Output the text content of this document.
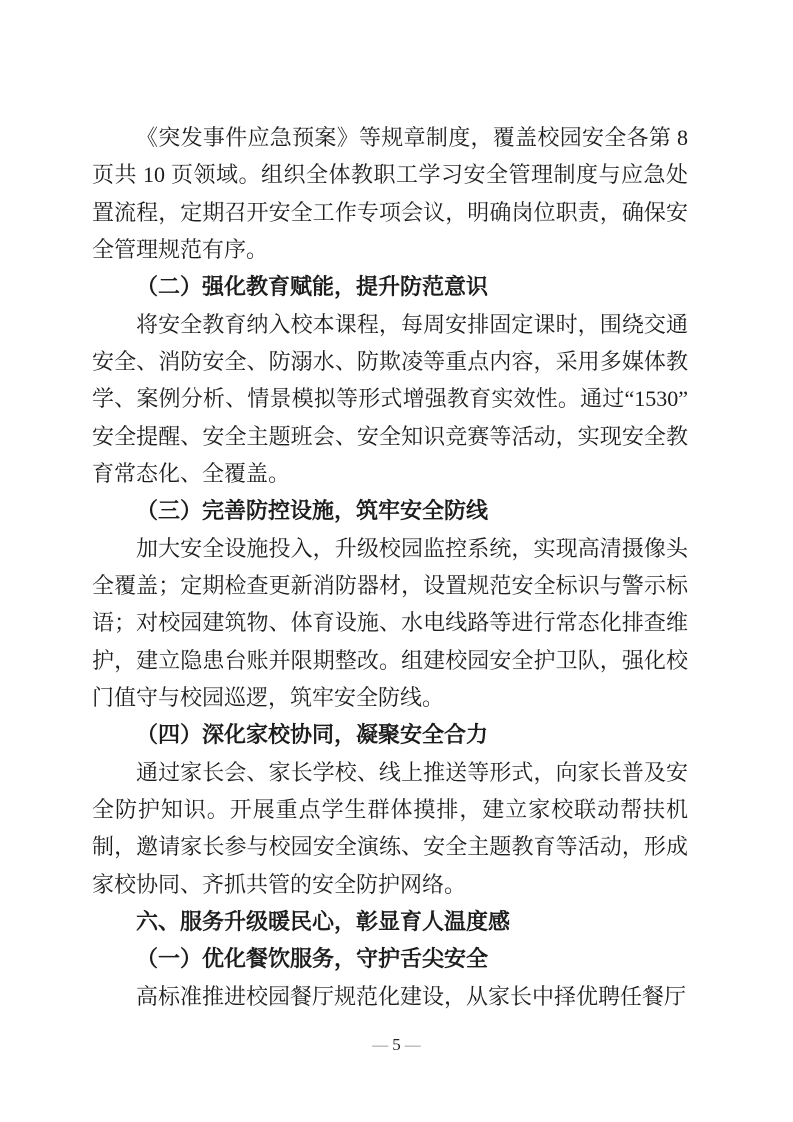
《突发事件应急预案》等规章制度，覆盖校园安全各第 8 页共 10 页领域。组织全体教职工学习安全管理制度与应急处置流程，定期召开安全工作专项会议，明确岗位职责，确保安全管理规范有序。

（二）强化教育赋能，提升防范意识

将安全教育纳入校本课程，每周安排固定课时，围绕交通安全、消防安全、防溺水、防欺凌等重点内容，采用多媒体教学、案例分析、情景模拟等形式增强教育实效性。通过“1530”安全提醒、安全主题班会、安全知识竞赛等活动，实现安全教育常态化、全覆盖。

（三）完善防控设施，筑牢安全防线

加大安全设施投入，升级校园监控系统，实现高清摄像头全覆盖；定期检查更新消防器材，设置规范安全标识与警示标语；对校园建筑物、体育设施、水电线路等进行常态化排查维护，建立隐患台账并限期整改。组建校园安全护卫队，强化校门值守与校园巡逻，筑牢安全防线。

（四）深化家校协同，凝聚安全合力

通过家长会、家长学校、线上推送等形式，向家长普及安全防护知识。开展重点学生群体摸排，建立家校联动帮扶机制，邀请家长参与校园安全演练、安全主题教育等活动，形成家校协同、齐抓共管的安全防护网络。

六、服务升级暖民心，彰显育人温度感

（一）优化餐饮服务，守护舌尖安全

高标准推进校园餐厅规范化建设，从家长中择优聘任餐厅

— 5 —
